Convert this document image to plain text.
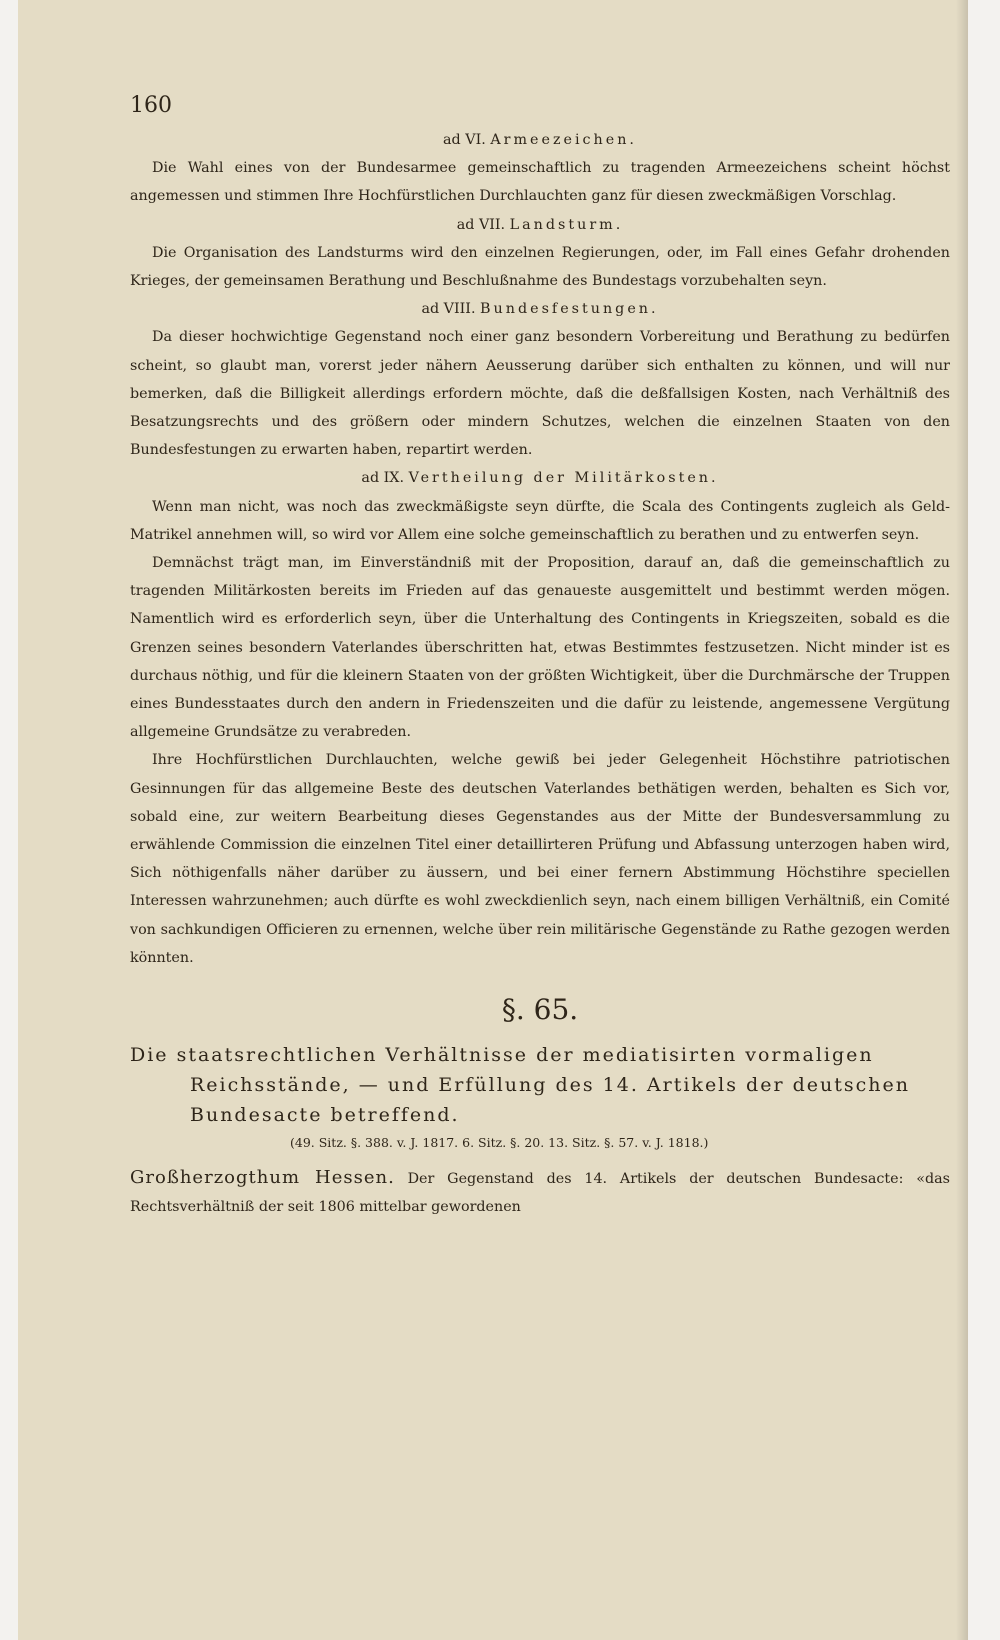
160
ad VI. Armeezeichen.

Die Wahl eines von der Bundesarmee gemeinschaftlich zu tragenden Armeezeichens scheint höchst angemessen und stimmen Ihre Hochfürstlichen Durchlauchten ganz für diesen zweckmäßigen Vorschlag.

ad VII. Landsturm.

Die Organisation des Landsturms wird den einzelnen Regierungen, oder, im Fall eines Gefahr drohenden Krieges, der gemeinsamen Berathung und Beschlußnahme des Bundestags vorzubehalten seyn.

ad VIII. Bundesfestungen.

Da dieser hochwichtige Gegenstand noch einer ganz besondern Vorbereitung und Berathung zu bedürfen scheint, so glaubt man, vorerst jeder nähern Aeusserung darüber sich enthalten zu können, und will nur bemerken, daß die Billigkeit allerdings erfordern möchte, daß die deßfallsigen Kosten, nach Verhältniß des Besatzungsrechts und des größern oder mindern Schutzes, welchen die einzelnen Staaten von den Bundesfestungen zu erwarten haben, repartirt werden.

ad IX. Vertheilung der Militärkosten.

Wenn man nicht, was noch das zweckmäßigste seyn dürfte, die Scala des Contingents zugleich als Geld-Matrikel annehmen will, so wird vor Allem eine solche gemeinschaftlich zu berathen und zu entwerfen seyn.

Demnächst trägt man, im Einverständniß mit der Proposition, darauf an, daß die gemeinschaftlich zu tragenden Militärkosten bereits im Frieden auf das genaueste ausgemittelt und bestimmt werden mögen. Namentlich wird es erforderlich seyn, über die Unterhaltung des Contingents in Kriegszeiten, sobald es die Grenzen seines besondern Vaterlandes überschritten hat, etwas Bestimmtes festzusetzen. Nicht minder ist es durchaus nöthig, und für die kleinern Staaten von der größten Wichtigkeit, über die Durchmärsche der Truppen eines Bundesstaates durch den andern in Friedenszeiten und die dafür zu leistende, angemessene Vergütung allgemeine Grundsätze zu verabreden.

Ihre Hochfürstlichen Durchlauchten, welche gewiß bei jeder Gelegenheit Höchstihre patriotischen Gesinnungen für das allgemeine Beste des deutschen Vaterlandes bethätigen werden, behalten es Sich vor, sobald eine, zur weitern Bearbeitung dieses Gegenstandes aus der Mitte der Bundesversammlung zu erwählende Commission die einzelnen Titel einer detaillirteren Prüfung und Abfassung unterzogen haben wird, Sich nöthigenfalls näher darüber zu äussern, und bei einer fernern Abstimmung Höchstihre speciellen Interessen wahrzunehmen; auch dürfte es wohl zweckdienlich seyn, nach einem billigen Verhältniß, ein Comité von sachkundigen Officieren zu ernennen, welche über rein militärische Gegenstände zu Rathe gezogen werden könnten.

§. 65.
Die staatsrechtlichen Verhältnisse der mediatisirten vormaligen
Reichsstände, — und Erfüllung des 14. Artikels der deutschen
Bundesacte betreffend.
(49. Sitz. §. 388. v. J. 1817. 6. Sitz. §. 20. 13. Sitz. §. 57. v. J. 1818.)

Großherzogthum Hessen. Der Gegenstand des 14. Artikels der deutschen Bundesacte: «das Rechtsverhältniß der seit 1806 mittelbar gewordenen
